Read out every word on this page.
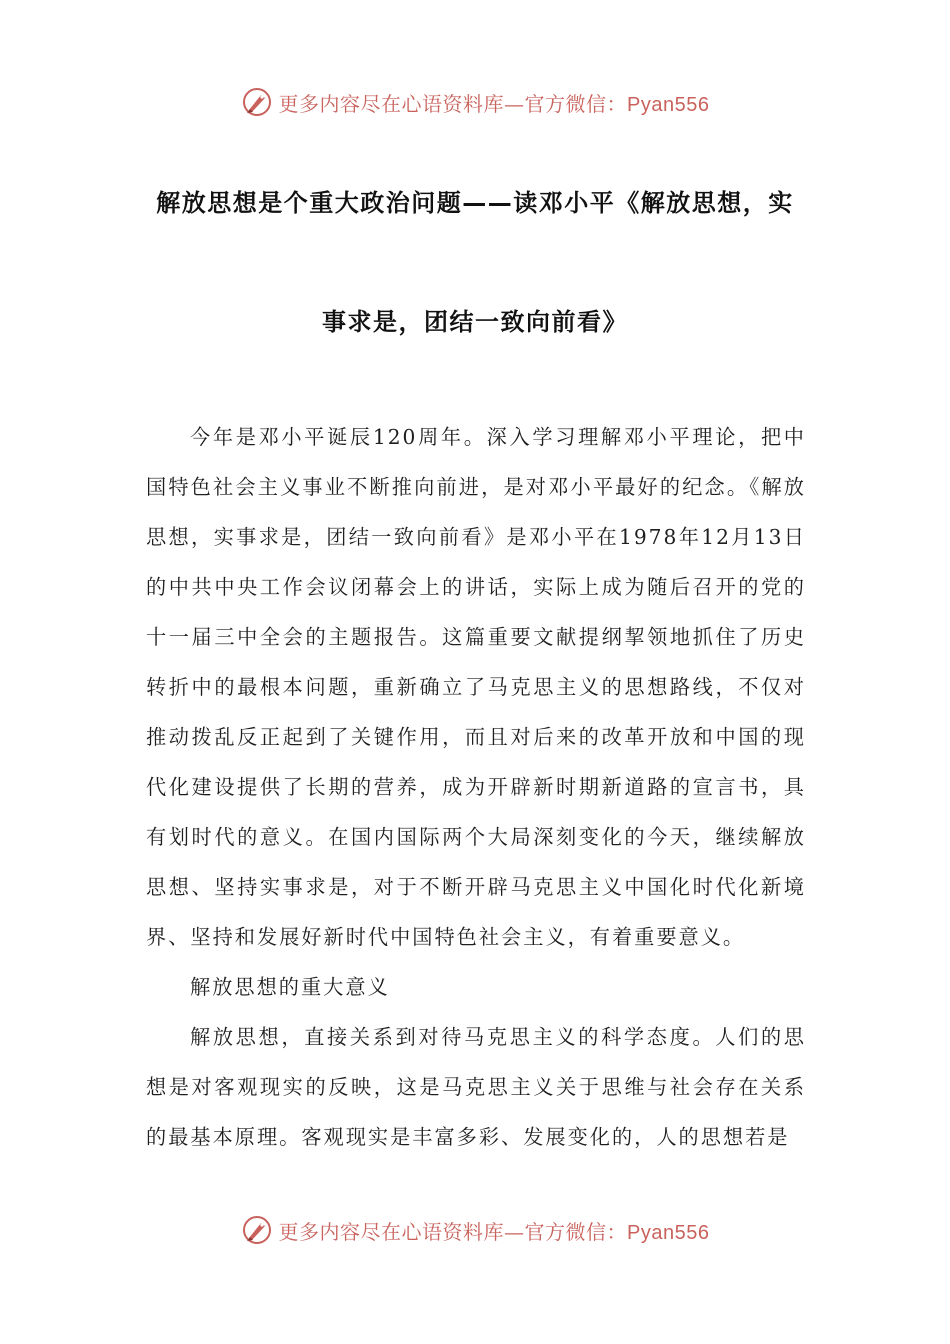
更多内容尽在心语资料库—官方微信：Pyan556
解放思想是个重大政治问题——读邓小平《解放思想，实
事求是，团结一致向前看》

今年是邓小平诞辰120周年。深入学习理解邓小平理论，把中国特色社会主义事业不断推向前进，是对邓小平最好的纪念。《解放思想，实事求是，团结一致向前看》是邓小平在1978年12月13日的中共中央工作会议闭幕会上的讲话，实际上成为随后召开的党的十一届三中全会的主题报告。这篇重要文献提纲挈领地抓住了历史转折中的最根本问题，重新确立了马克思主义的思想路线，不仅对推动拨乱反正起到了关键作用，而且对后来的改革开放和中国的现代化建设提供了长期的营养，成为开辟新时期新道路的宣言书，具有划时代的意义。在国内国际两个大局深刻变化的今天，继续解放思想、坚持实事求是，对于不断开辟马克思主义中国化时代化新境界、坚持和发展好新时代中国特色社会主义，有着重要意义。

解放思想的重大意义

解放思想，直接关系到对待马克思主义的科学态度。人们的思想是对客观现实的反映，这是马克思主义关于思维与社会存在关系的最基本原理。客观现实是丰富多彩、发展变化的，人的思想若是

更多内容尽在心语资料库—官方微信：Pyan556
